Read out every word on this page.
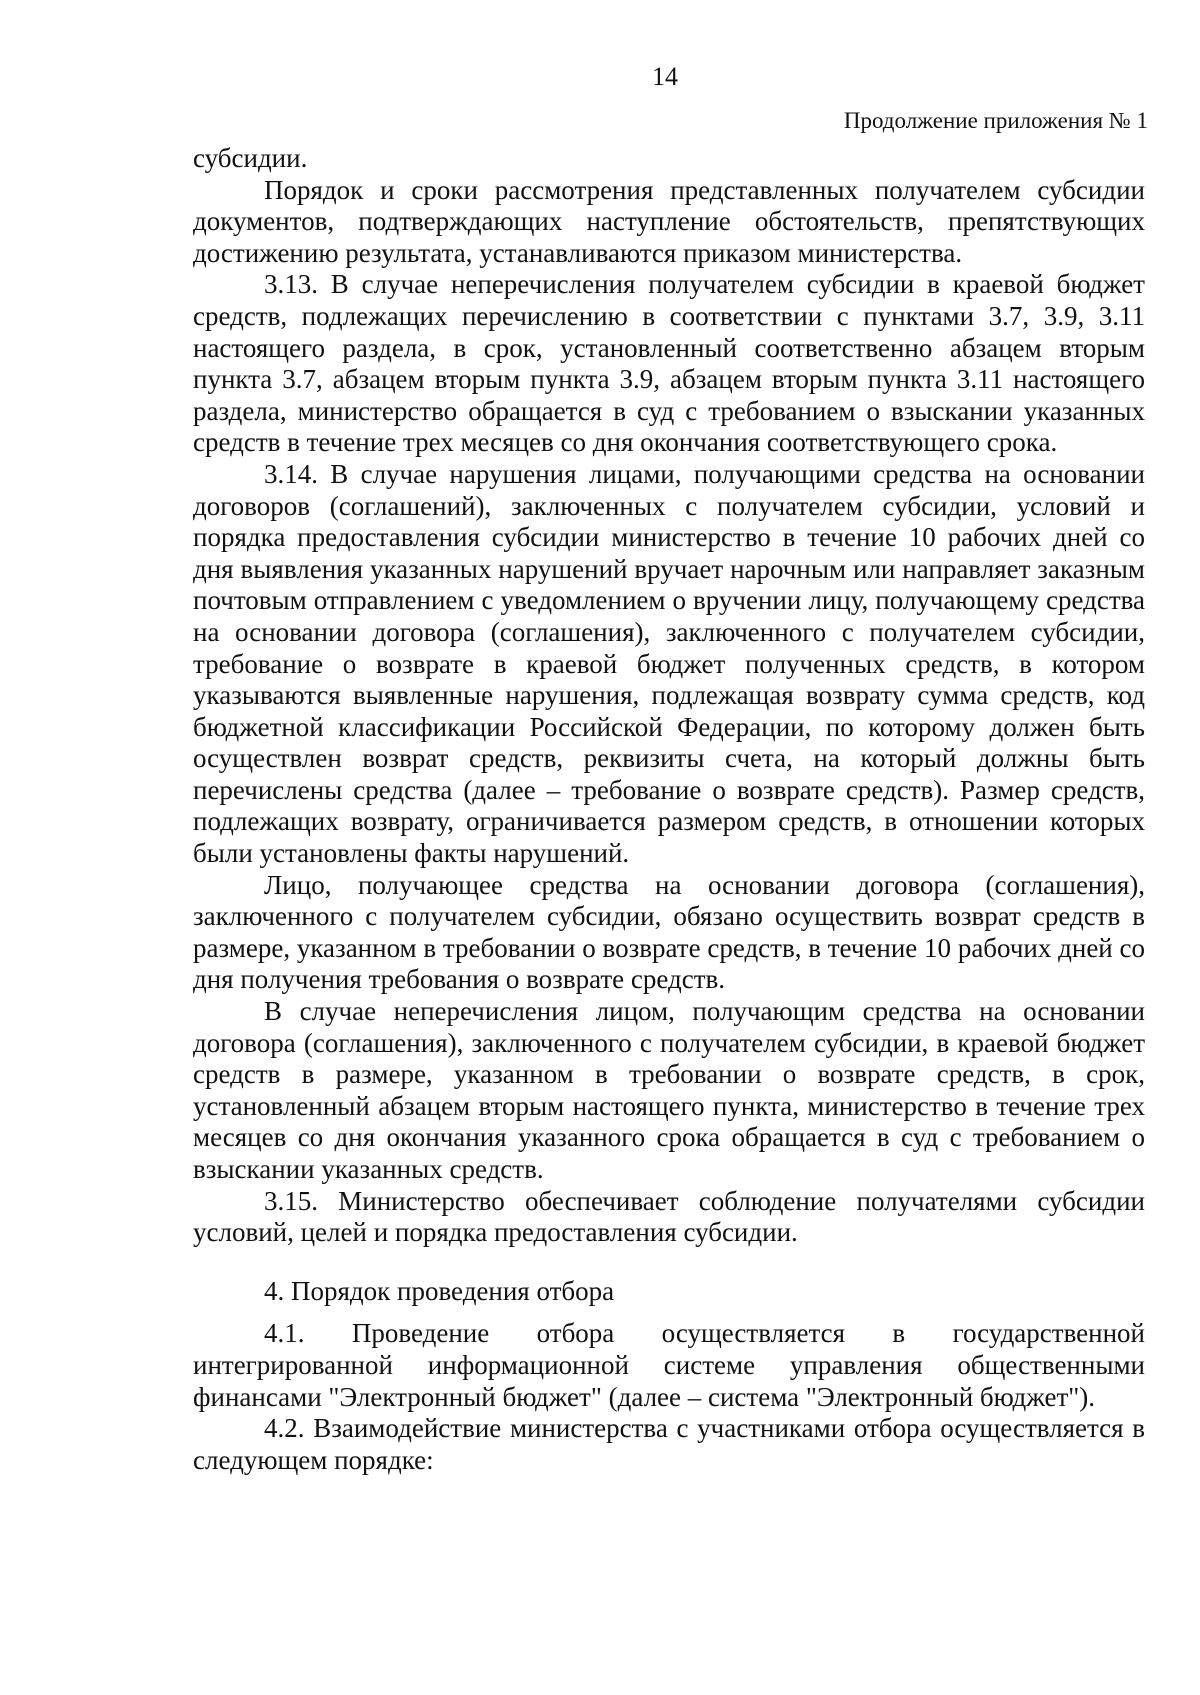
14
Продолжение приложения № 1

субсидии.

Порядок и сроки рассмотрения представленных получателем субсидии документов, подтверждающих наступление обстоятельств, препятствующих достижению результата, устанавливаются приказом министерства.

3.13. В случае неперечисления получателем субсидии в краевой бюджет средств, подлежащих перечислению в соответствии с пунктами 3.7, 3.9, 3.11 настоящего раздела, в срок, установленный соответственно абзацем вторым пункта 3.7, абзацем вторым пункта 3.9, абзацем вторым пункта 3.11 настоящего раздела, министерство обращается в суд с требованием о взыскании указанных средств в течение трех месяцев со дня окончания соответствующего срока.

3.14. В случае нарушения лицами, получающими средства на основании договоров (соглашений), заключенных с получателем субсидии, условий и порядка предоставления субсидии министерство в течение 10 рабочих дней со дня выявления указанных нарушений вручает нарочным или направляет заказным почтовым отправлением с уведомлением о вручении лицу, получающему средства на основании договора (соглашения), заключенного с получателем субсидии, требование о возврате в краевой бюджет полученных средств, в котором указываются выявленные нарушения, подлежащая возврату сумма средств, код бюджетной классификации Российской Федерации, по которому должен быть осуществлен возврат средств, реквизиты счета, на который должны быть перечислены средства (далее – требование о возврате средств). Размер средств, подлежащих возврату, ограничивается размером средств, в отношении которых были установлены факты нарушений.

Лицо, получающее средства на основании договора (соглашения), заключенного с получателем субсидии, обязано осуществить возврат средств в размере, указанном в требовании о возврате средств, в течение 10 рабочих дней со дня получения требования о возврате средств.

В случае неперечисления лицом, получающим средства на основании договора (соглашения), заключенного с получателем субсидии, в краевой бюджет средств в размере, указанном в требовании о возврате средств, в срок, установленный абзацем вторым настоящего пункта, министерство в течение трех месяцев со дня окончания указанного срока обращается в суд с требованием о взыскании указанных средств.

3.15. Министерство обеспечивает соблюдение получателями субсидии условий, целей и порядка предоставления субсидии.

4. Порядок проведения отбора

4.1. Проведение отбора осуществляется в государственной интегрированной информационной системе управления общественными финансами "Электронный бюджет" (далее – система "Электронный бюджет").

4.2. Взаимодействие министерства с участниками отбора осуществляется в следующем порядке:
